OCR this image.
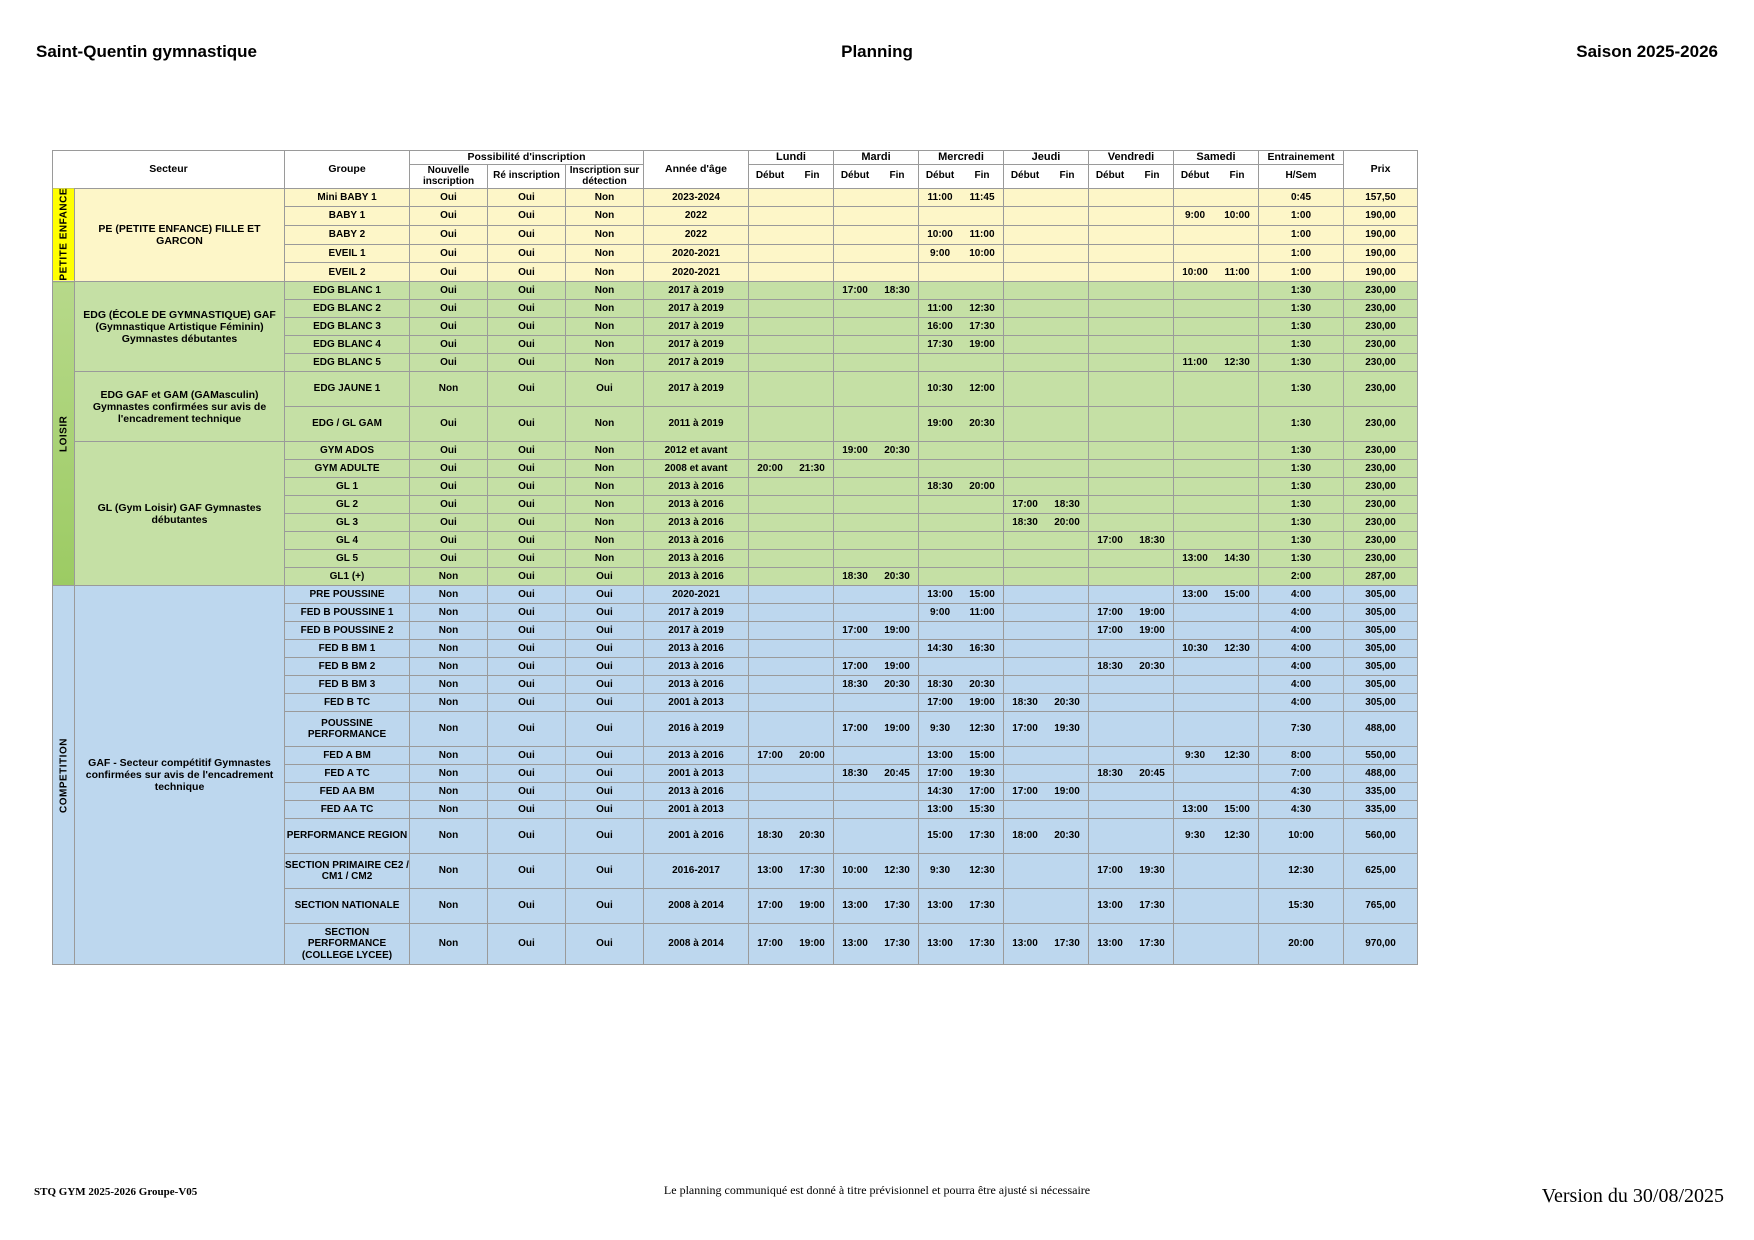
Saint-Quentin gymnastique	Planning	Saison 2025-2026
Secteur		Groupe	Possibilité d'inscription			Année d'âge	Lundi	Mardi	Mercredi	Jeudi	Vendredi	Samedi	Entrainement	Prix
			Nouvelle inscription	Ré inscription	Inscription sur détection		Début Fin	Début Fin	Début Fin	Début Fin	Début Fin	Début Fin	H/Sem	
PETITE ENFANCE	PE (PETITE ENFANCE) FILLE ET GARCON	Mini BABY 1	Oui	Oui	Non	2023-2024			11:00 11:45				0:45	157,50
		BABY 1	Oui	Oui	Non	2022						9:00 10:00	1:00	190,00
		BABY 2	Oui	Oui	Non	2022			10:00 11:00				1:00	190,00
		EVEIL 1	Oui	Oui	Non	2020-2021			9:00 10:00				1:00	190,00
		EVEIL 2	Oui	Oui	Non	2020-2021						10:00 11:00	1:00	190,00
LOISIR	EDG (ÉCOLE DE GYMNASTIQUE) GAF (Gymnastique Artistique Féminin) Gymnastes débutantes	EDG BLANC 1	Oui	Oui	Non	2017 à 2019		17:00 18:30					1:30	230,00
		EDG BLANC 2	Oui	Oui	Non	2017 à 2019			11:00 12:30				1:30	230,00
		EDG BLANC 3	Oui	Oui	Non	2017 à 2019			16:00 17:30				1:30	230,00
		EDG BLANC 4	Oui	Oui	Non	2017 à 2019			17:30 19:00				1:30	230,00
		EDG BLANC 5	Oui	Oui	Non	2017 à 2019						11:00 12:30	1:30	230,00
	EDG GAF et GAM (GAMasculin) Gymnastes confirmées sur avis de l'encadrement technique	EDG JAUNE 1	Non	Oui	Oui	2017 à 2019			10:30 12:00				1:30	230,00
		EDG / GL GAM	Oui	Oui	Non	2011 à 2019			19:00 20:30				1:30	230,00
	GL (Gym Loisir) GAF Gymnastes débutantes	GYM ADOS	Oui	Oui	Non	2012 et avant		19:00 20:30					1:30	230,00
		GYM ADULTE	Oui	Oui	Non	2008 et avant	20:00 21:30						1:30	230,00
		GL 1	Oui	Oui	Non	2013 à 2016			18:30 20:00				1:30	230,00
		GL 2	Oui	Oui	Non	2013 à 2016				17:00 18:30			1:30	230,00
		GL 3	Oui	Oui	Non	2013 à 2016				18:30 20:00			1:30	230,00
		GL 4	Oui	Oui	Non	2013 à 2016					17:00 18:30		1:30	230,00
		GL 5	Oui	Oui	Non	2013 à 2016						13:00 14:30	1:30	230,00
		GL1 (+)	Non	Oui	Oui	2013 à 2016		18:30 20:30					2:00	287,00
COMPETITION	GAF - Secteur compétitif Gymnastes confirmées sur avis de l'encadrement technique	PRE POUSSINE	Non	Oui	Oui	2020-2021			13:00 15:00			13:00 15:00	4:00	305,00
		FED B POUSSINE 1	Non	Oui	Oui	2017 à 2019			9:00 11:00		17:00 19:00		4:00	305,00
		FED B POUSSINE 2	Non	Oui	Oui	2017 à 2019		17:00 19:00			17:00 19:00		4:00	305,00
		FED B BM 1	Non	Oui	Oui	2013 à 2016			14:30 16:30			10:30 12:30	4:00	305,00
		FED B BM 2	Non	Oui	Oui	2013 à 2016		17:00 19:00			18:30 20:30		4:00	305,00
		FED B BM 3	Non	Oui	Oui	2013 à 2016		18:30 20:30	18:30 20:30				4:00	305,00
		FED B TC	Non	Oui	Oui	2001 à 2013			17:00 19:00	18:30 20:30			4:00	305,00
		POUSSINE PERFORMANCE	Non	Oui	Oui	2016 à 2019		17:00 19:00	9:30 12:30	17:00 19:30			7:30	488,00
		FED A BM	Non	Oui	Oui	2013 à 2016	17:00 20:00		13:00 15:00			9:30 12:30	8:00	550,00
		FED A TC	Non	Oui	Oui	2001 à 2013		18:30 20:45	17:00 19:30		18:30 20:45		7:00	488,00
		FED AA BM	Non	Oui	Oui	2013 à 2016			14:30 17:00	17:00 19:00			4:30	335,00
		FED AA TC	Non	Oui	Oui	2001 à 2013			13:00 15:30			13:00 15:00	4:30	335,00
		PERFORMANCE REGION	Non	Oui	Oui	2001 à 2016	18:30 20:30		15:00 17:30	18:00 20:30		9:30 12:30	10:00	560,00
		SECTION PRIMAIRE CE2 / CM1 / CM2	Non	Oui	Oui	2016-2017	13:00 17:30	10:00 12:30	9:30 12:30		17:00 19:30		12:30	625,00
		SECTION NATIONALE	Non	Oui	Oui	2008 à 2014	17:00 19:00	13:00 17:30	13:00 17:30		13:00 17:30		15:30	765,00
		SECTION PERFORMANCE (COLLEGE LYCEE)	Non	Oui	Oui	2008 à 2014	17:00 19:00	13:00 17:30	13:00 17:30	13:00 17:30	13:00 17:30		20:00	970,00
STQ GYM 2025-2026 Groupe-V05	Le planning communiqué est donné à titre prévisionnel et pourra être ajusté si nécessaire	Version du 30/08/2025
